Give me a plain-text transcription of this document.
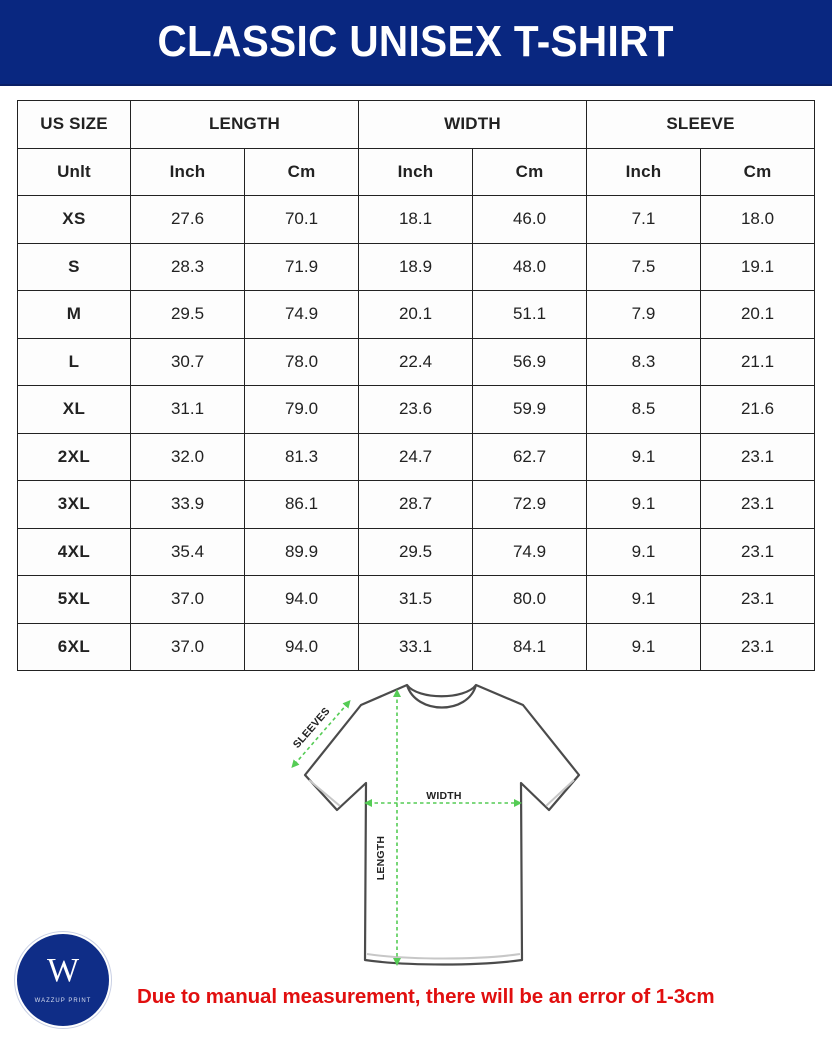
CLASSIC UNISEX T-SHIRT
US SIZE	LENGTH		WIDTH		SLEEVE	
Unlt	Inch	Cm	Inch	Cm	Inch	Cm
XS	27.6	70.1	18.1	46.0	7.1	18.0
S	28.3	71.9	18.9	48.0	7.5	19.1
M	29.5	74.9	20.1	51.1	7.9	20.1
L	30.7	78.0	22.4	56.9	8.3	21.1
XL	31.1	79.0	23.6	59.9	8.5	21.6
2XL	32.0	81.3	24.7	62.7	9.1	23.1
3XL	33.9	86.1	28.7	72.9	9.1	23.1
4XL	35.4	89.9	29.5	74.9	9.1	23.1
5XL	37.0	94.0	31.5	80.0	9.1	23.1
6XL	37.0	94.0	33.1	84.1	9.1	23.1
SLEEVES
WIDTH
LENGTH
W
WAZZUP PRINT	Due to manual measurement, there will be an error of 1-3cm
